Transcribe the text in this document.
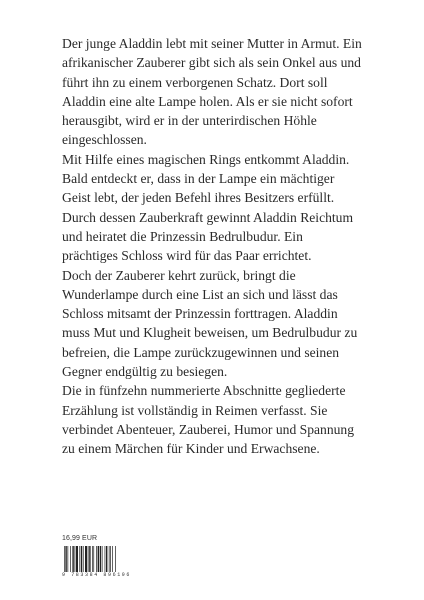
Der junge Aladdin lebt mit seiner Mutter in Armut. Ein afrikanischer Zauberer gibt sich als sein Onkel aus und führt ihn zu einem verborgenen Schatz. Dort soll Aladdin eine alte Lampe holen. Als er sie nicht sofort herausgibt, wird er in der unterirdischen Höhle eingeschlossen.

Mit Hilfe eines magischen Rings entkommt Aladdin. Bald entdeckt er, dass in der Lampe ein mächtiger Geist lebt, der jeden Befehl ihres Besitzers erfüllt. Durch dessen Zauberkraft gewinnt Aladdin Reichtum und heiratet die Prinzessin Bedrulbudur. Ein prächtiges Schloss wird für das Paar errichtet.

Doch der Zauberer kehrt zurück, bringt die Wunderlampe durch eine List an sich und lässt das Schloss mitsamt der Prinzessin forttragen. Aladdin muss Mut und Klugheit beweisen, um Bedrulbudur zu befreien, die Lampe zurückzugewinnen und seinen Gegner endgültig zu besiegen.

Die in fünfzehn nummerierte Abschnitte gegliederte Erzählung ist vollständig in Reimen verfasst. Sie verbindet Abenteuer, Zauberei, Humor und Spannung zu einem Märchen für Kinder und Erwachsene.

16,99 EUR
9 783384 896196
